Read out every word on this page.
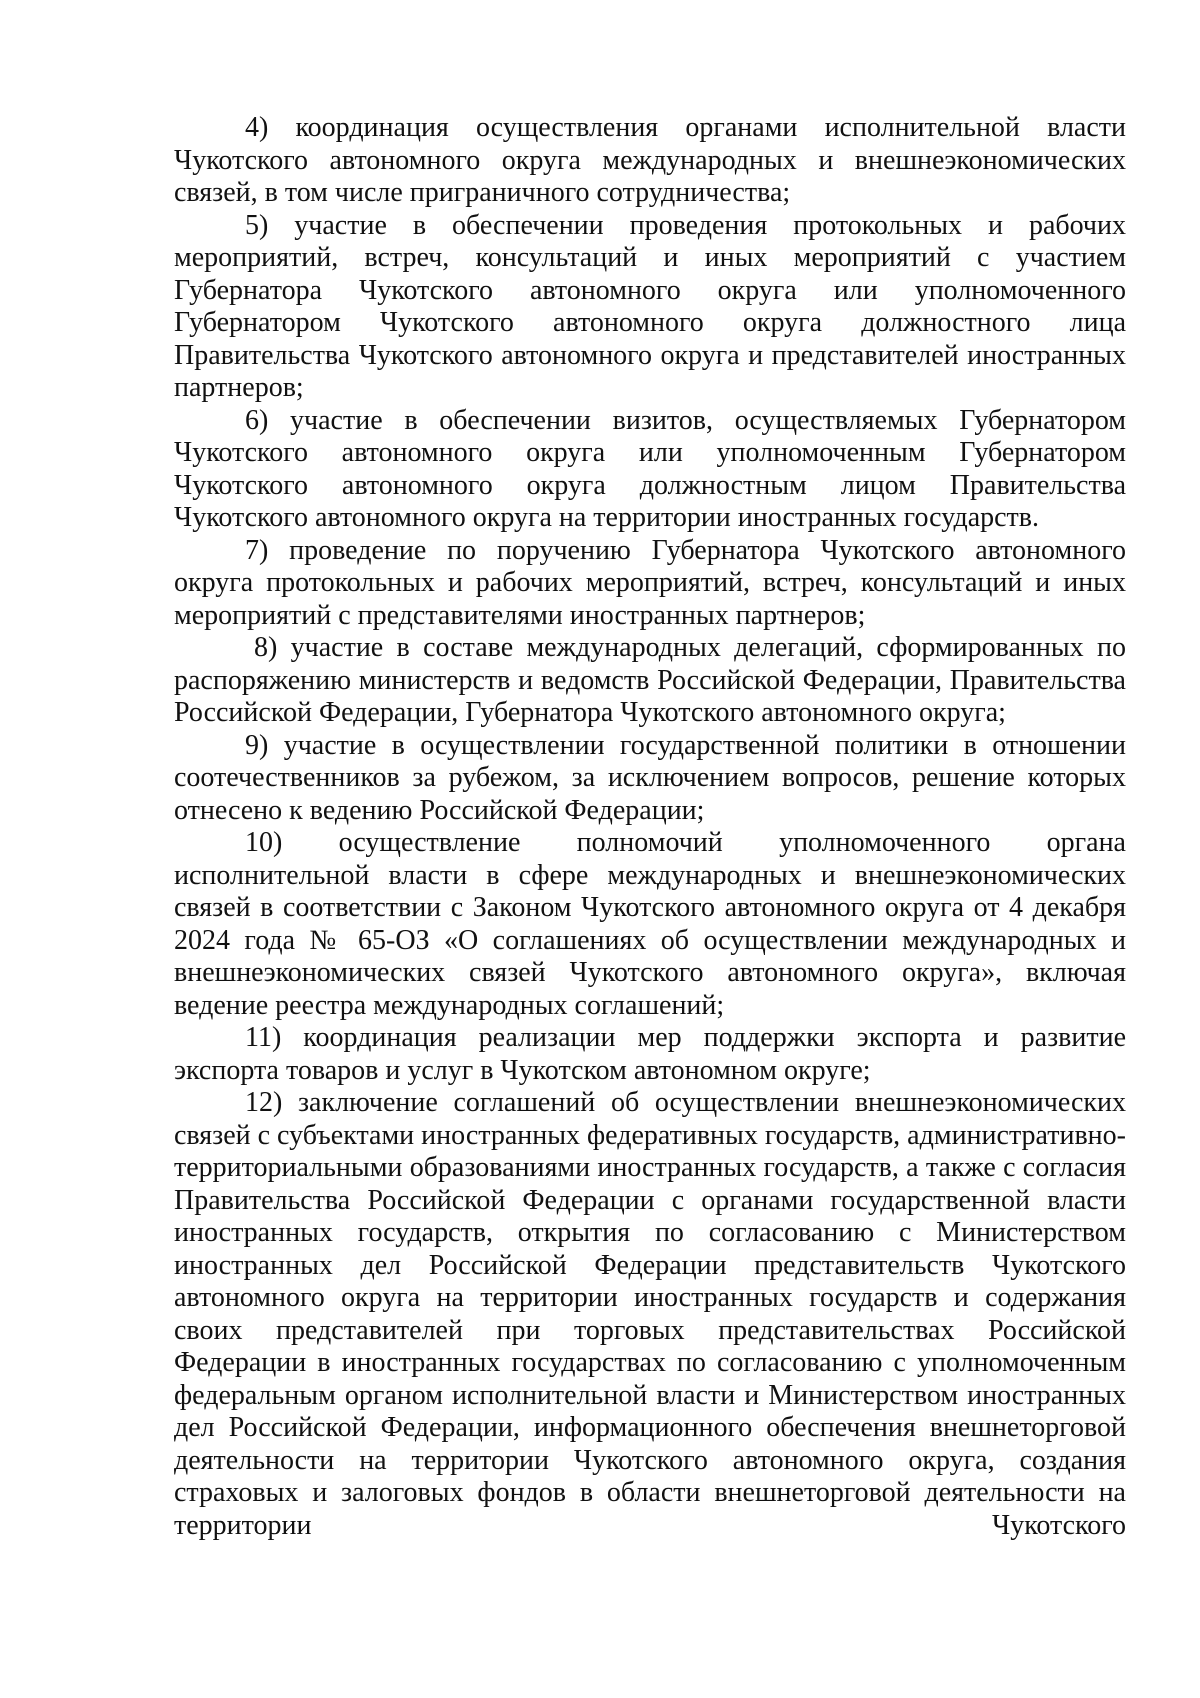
4) координация осуществления органами исполнительной власти Чукотского автономного округа международных и внешнеэкономических связей, в том числе приграничного сотрудничества;

5) участие в обеспечении проведения протокольных и рабочих мероприятий, встреч, консультаций и иных мероприятий с участием Губернатора Чукотского автономного округа или уполномоченного Губернатором Чукотского автономного округа должностного лица Правительства Чукотского автономного округа и представителей иностранных партнеров;

6) участие в обеспечении визитов, осуществляемых Губернатором Чукотского автономного округа или уполномоченным Губернатором Чукотского автономного округа должностным лицом Правительства Чукотского автономного округа на территории иностранных государств.

7) проведение по поручению Губернатора Чукотского автономного округа протокольных и рабочих мероприятий, встреч, консультаций и иных мероприятий с представителями иностранных партнеров;

8) участие в составе международных делегаций, сформированных по распоряжению министерств и ведомств Российской Федерации, Правительства Российской Федерации, Губернатора Чукотского автономного округа;

9) участие в осуществлении государственной политики в отношении соотечественников за рубежом, за исключением вопросов, решение которых отнесено к ведению Российской Федерации;

10) осуществление полномочий уполномоченного органа исполнительной власти в сфере международных и внешнеэкономических связей в соответствии с Законом Чукотского автономного округа от 4 декабря 2024 года № 65-ОЗ «О соглашениях об осуществлении международных и внешнеэкономических связей Чукотского автономного округа», включая ведение реестра международных соглашений;

11) координация реализации мер поддержки экспорта и развитие экспорта товаров и услуг в Чукотском автономном округе;

12) заключение соглашений об осуществлении внешнеэкономических связей с субъектами иностранных федеративных государств, административно-территориальными образованиями иностранных государств, а также с согласия Правительства Российской Федерации с органами государственной власти иностранных государств, открытия по согласованию с Министерством иностранных дел Российской Федерации представительств Чукотского автономного округа на территории иностранных государств и содержания своих представителей при торговых представительствах Российской Федерации в иностранных государствах по согласованию с уполномоченным федеральным органом исполнительной власти и Министерством иностранных дел Российской Федерации, информационного обеспечения внешнеторговой деятельности на территории Чукотского автономного округа, создания страховых и залоговых фондов в области внешнеторговой деятельности на территории Чукотского
